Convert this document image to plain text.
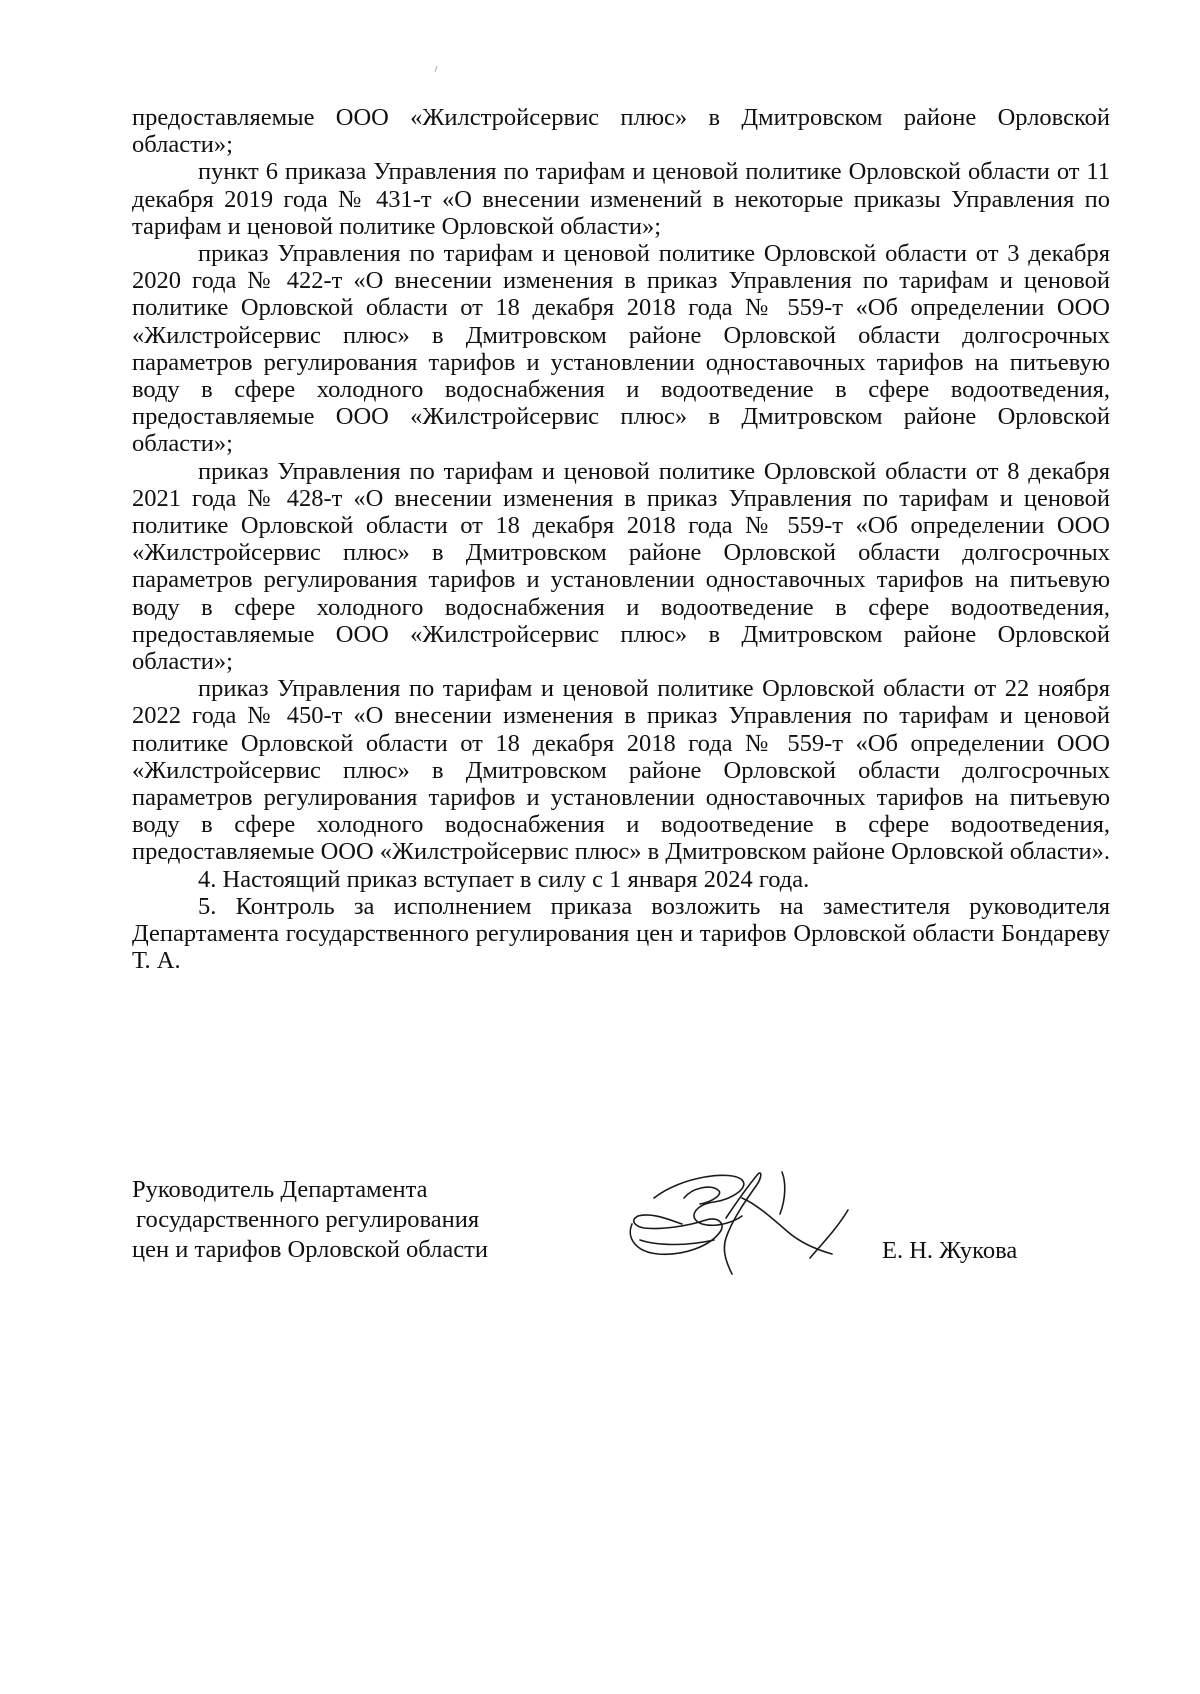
предоставляемые ООО «Жилстройсервис плюс» в Дмитровском районе Орловской области»;

пункт 6 приказа Управления по тарифам и ценовой политике Орловской области от 11 декабря 2019 года № 431-т «О внесении изменений в некоторые приказы Управления по тарифам и ценовой политике Орловской области»;

приказ Управления по тарифам и ценовой политике Орловской области от 3 декабря 2020 года № 422-т «О внесении изменения в приказ Управления по тарифам и ценовой политике Орловской области от 18 декабря 2018 года № 559-т «Об определении ООО «Жилстройсервис плюс» в Дмитровском районе Орловской области долгосрочных параметров регулирования тарифов и установлении одноставочных тарифов на питьевую воду в сфере холодного водоснабжения и водоотведение в сфере водоотведения, предоставляемые ООО «Жилстройсервис плюс» в Дмитровском районе Орловской области»;

приказ Управления по тарифам и ценовой политике Орловской области от 8 декабря 2021 года № 428-т «О внесении изменения в приказ Управления по тарифам и ценовой политике Орловской области от 18 декабря 2018 года № 559-т «Об определении ООО «Жилстройсервис плюс» в Дмитровском районе Орловской области долгосрочных параметров регулирования тарифов и установлении одноставочных тарифов на питьевую воду в сфере холодного водоснабжения и водоотведение в сфере водоотведения, предоставляемые ООО «Жилстройсервис плюс» в Дмитровском районе Орловской области»;

приказ Управления по тарифам и ценовой политике Орловской области от 22 ноября 2022 года № 450-т «О внесении изменения в приказ Управления по тарифам и ценовой политике Орловской области от 18 декабря 2018 года № 559-т «Об определении ООО «Жилстройсервис плюс» в Дмитровском районе Орловской области долгосрочных параметров регулирования тарифов и установлении одноставочных тарифов на питьевую воду в сфере холодного водоснабжения и водоотведение в сфере водоотведения, предоставляемые ООО «Жилстройсервис плюс» в Дмитровском районе Орловской области».

4. Настоящий приказ вступает в силу с 1 января 2024 года.

5. Контроль за исполнением приказа возложить на заместителя руководителя Департамента государственного регулирования цен и тарифов Орловской области Бондареву Т. А.

Руководитель Департамента
государственного регулирования
цен и тарифов Орловской области	Е. Н. Жукова
